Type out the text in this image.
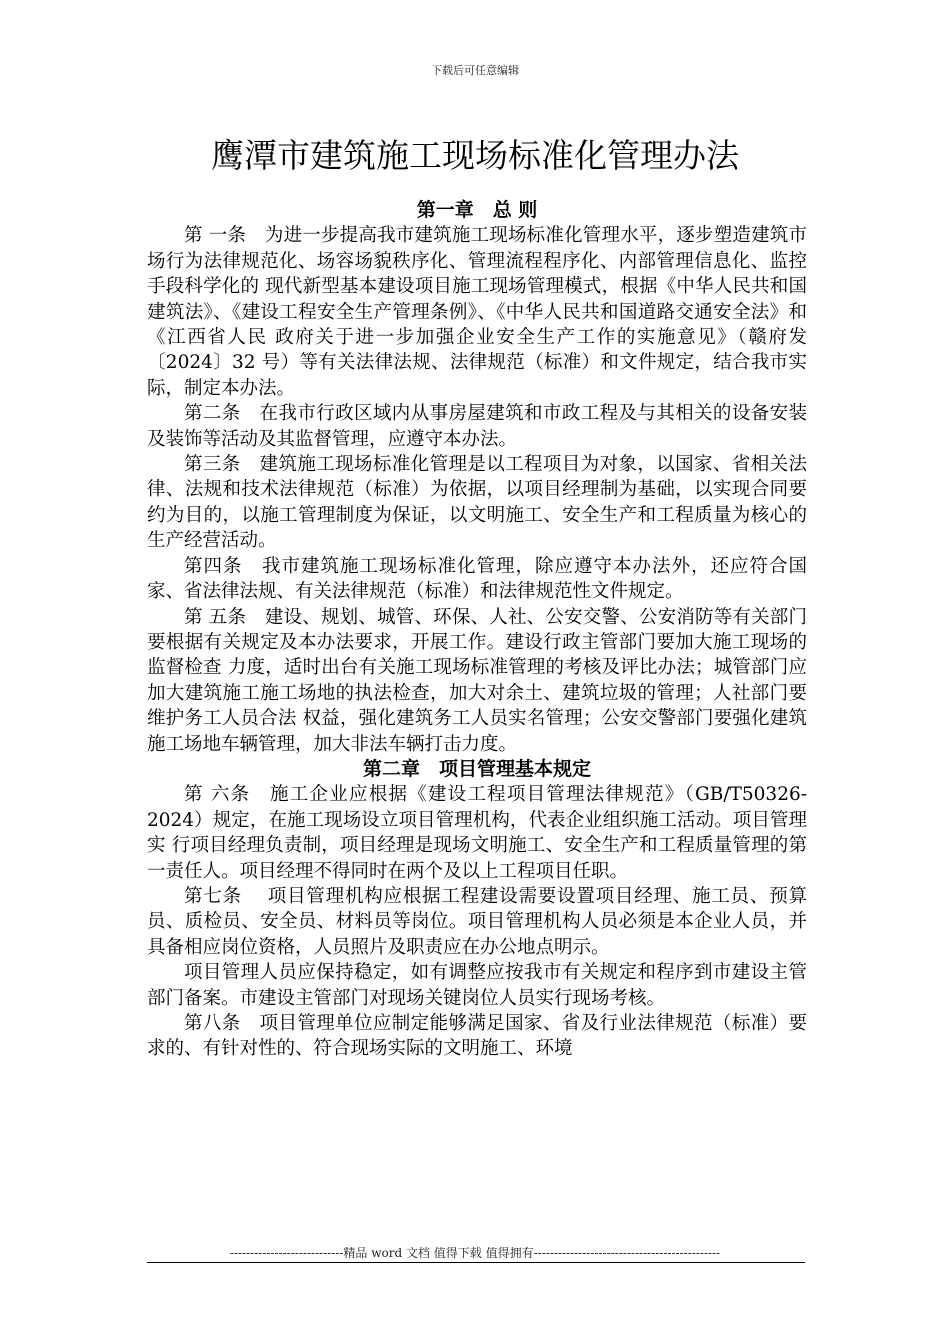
下载后可任意编辑
鹰潭市建筑施工现场标准化管理办法
第一章　总 则

第 一条　为进一步提高我市建筑施工现场标准化管理水平，逐步塑造建筑市场行为法律规范化、场容场貌秩序化、管理流程程序化、内部管理信息化、监控手段科学化的 现代新型基本建设项目施工现场管理模式，根据《中华人民共和国建筑法》、《建设工程安全生产管理条例》、《中华人民共和国道路交通安全法》和《江西省人民 政府关于进一步加强企业安全生产工作的实施意见》（赣府发〔2024〕32 号）等有关法律法规、法律规范（标准）和文件规定，结合我市实际，制定本办法。

第二条　在我市行政区域内从事房屋建筑和市政工程及与其相关的设备安装及装饰等活动及其监督管理，应遵守本办法。

第三条　建筑施工现场标准化管理是以工程项目为对象，以国家、省相关法律、法规和技术法律规范（标准）为依据，以项目经理制为基础，以实现合同要约为目的，以施工管理制度为保证，以文明施工、安全生产和工程质量为核心的生产经营活动。

第四条　我市建筑施工现场标准化管理，除应遵守本办法外，还应符合国家、省法律法规、有关法律规范（标准）和法律规范性文件规定。

第 五条　建设、规划、城管、环保、人社、公安交警、公安消防等有关部门要根据有关规定及本办法要求，开展工作。建设行政主管部门要加大施工现场的监督检查 力度，适时出台有关施工现场标准管理的考核及评比办法；城管部门应加大建筑施工施工场地的执法检查，加大对余土、建筑垃圾的管理；人社部门要维护务工人员合法 权益，强化建筑务工人员实名管理；公安交警部门要强化建筑施工场地车辆管理，加大非法车辆打击力度。

第二章　项目管理基本规定

第 六条　施工企业应根据《建设工程项目管理法律规范》（GB/T50326-2024）规定，在施工现场设立项目管理机构，代表企业组织施工活动。项目管理实 行项目经理负责制，项目经理是现场文明施工、安全生产和工程质量管理的第一责任人。项目经理不得同时在两个及以上工程项目任职。

第七条　 项目管理机构应根据工程建设需要设置项目经理、施工员、预算员、质检员、安全员、材料员等岗位。项目管理机构人员必须是本企业人员，并具备相应岗位资格，人员照片及职责应在办公地点明示。

项目管理人员应保持稳定，如有调整应按我市有关规定和程序到市建设主管部门备案。市建设主管部门对现场关键岗位人员实行现场考核。

第八条　项目管理单位应制定能够满足国家、省及行业法律规范（标准）要求的、有针对性的、符合现场实际的文明施工、环境

----------------------------精品 word 文档 值得下载 值得拥有----------------------------------------------
